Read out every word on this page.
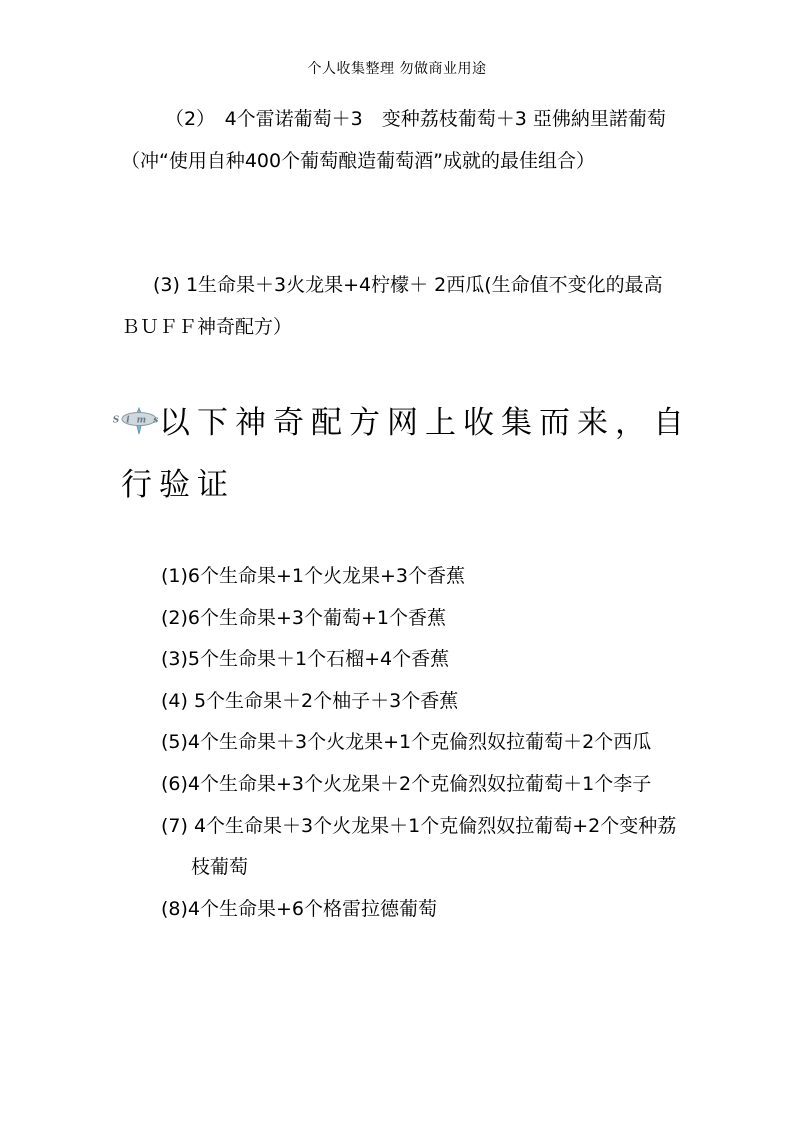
个人收集整理 勿做商业用途
（2）　4个雷诺葡萄＋3　变种荔枝葡萄＋3 亞佛納里諾葡萄（冲“使用自种400个葡萄酿造葡萄酒”成就的最佳组合）
(3) 1生命果＋3火龙果+4柠檬＋ 2西瓜(生命值不变化的最高ＢＵＦＦ神奇配方）
Sims
以下神奇配方网上收集而来，自行验证
(1)6个生命果+1个火龙果+3个香蕉
(2)6个生命果+3个葡萄+1个香蕉
(3)5个生命果＋1个石榴+4个香蕉
(4) 5个生命果＋2个柚子＋3个香蕉
(5)4个生命果＋3个火龙果+1个克倫烈奴拉葡萄＋2个西瓜
(6)4个生命果+3个火龙果＋2个克倫烈奴拉葡萄＋1个李子
(7) 4个生命果＋3个火龙果＋1个克倫烈奴拉葡萄+2个变种荔枝葡萄
(8)4个生命果+6个格雷拉德葡萄
